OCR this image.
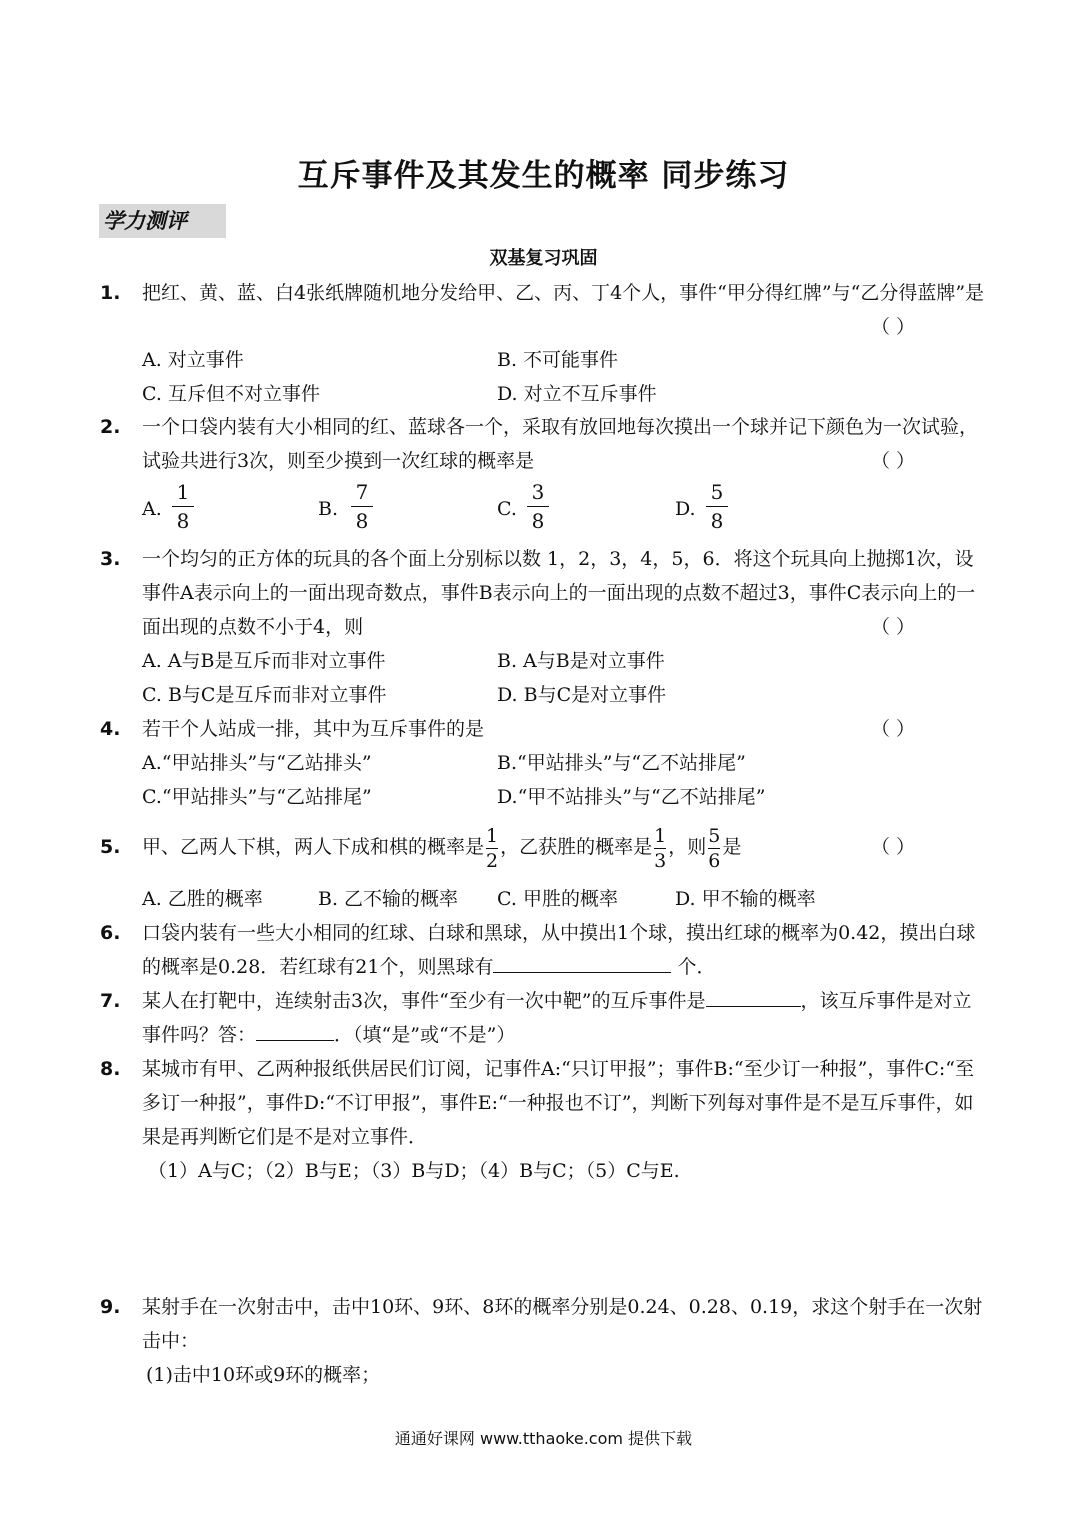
互斥事件及其发生的概率 同步练习
学力测评
双基复习巩固
1. 把红、黄、蓝、白4张纸牌随机地分发给甲、乙、丙、丁4个人，事件“甲分得红牌”与“乙分得蓝牌”是
（ ）
A. 对立事件	B. 不可能事件
C. 互斥但不对立事件	D. 对立不互斥事件
2. 一个口袋内装有大小相同的红、蓝球各一个，采取有放回地每次摸出一个球并记下颜色为一次试验，试验共进行3次，则至少摸到一次红球的概率是	（ ）
A.
1
8	B.
7
8	C.
3
8	D.
5
8
3. 一个均匀的正方体的玩具的各个面上分别标以数 1，2，3，4，5，6．将这个玩具向上抛掷1次，设事件A表示向上的一面出现奇数点，事件B表示向上的一面出现的点数不超过3，事件C表示向上的一面出现的点数不小于4，则	（ ）
A. A与B是互斥而非对立事件	B. A与B是对立事件
C. B与C是互斥而非对立事件	D. B与C是对立事件
4. 若干个人站成一排，其中为互斥事件的是	（ ）
A.“甲站排头”与“乙站排头”	B.“甲站排头”与“乙不站排尾”
C.“甲站排头”与“乙站排尾”	D.“甲不站排头”与“乙不站排尾”
5. 甲、乙两人下棋，两人下成和棋的概率是 $\frac{1}{2}$ ，乙获胜的概率是 $\frac{1}{3}$ ，则 $\frac{5}{6}$ 是	（ ）
A. 乙胜的概率	B. 乙不输的概率 C. 甲胜的概率	D. 甲不输的概率
6. 口袋内装有一些大小相同的红球、白球和黑球，从中摸出1个球，摸出红球的概率为0.42，摸出白球的概率是0.28．若红球有21个，则黑球有	个．
7. 某人在打靶中，连续射击3次，事件“至少有一次中靶”的互斥事件是	，该互斥事件是对立事件吗？答：	．（填“是”或“不是”）
8. 某城市有甲、乙两种报纸供居民们订阅，记事件A:“只订甲报”；事件B:“至少订一种报”，事件C:“至多订一种报”，事件D:“不订甲报”，事件E:“一种报也不订”，判断下列每对事件是不是互斥事件，如果是再判断它们是不是对立事件．
（1）A与C；（2）B与E；（3）B与D；（4）B与C；（5）C与E.
9. 某射手在一次射击中，击中10环、9环、8环的概率分别是0.24、0.28、0.19，求这个射手在一次射击中：
(1)击中10环或9环的概率；
通通好课网 www.tthaoke.com 提供下载
